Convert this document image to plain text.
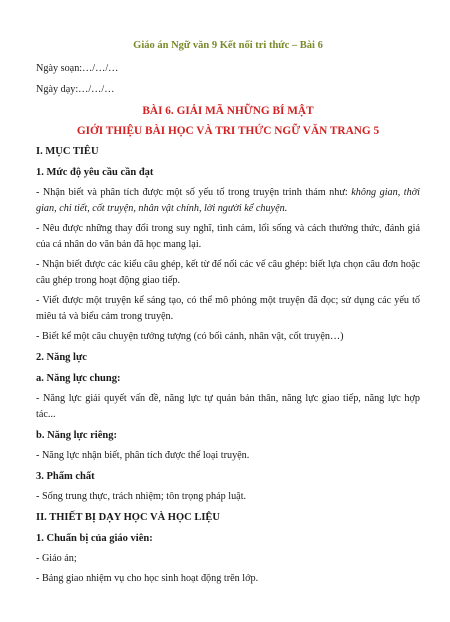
Giáo án Ngữ văn 9 Kết nối tri thức – Bài 6
Ngày soạn:…/…/…
Ngày dạy:…/…/…
BÀI 6. GIẢI MÃ NHỮNG BÍ MẬT
GIỚI THIỆU BÀI HỌC VÀ TRI THỨC NGỮ VĂN TRANG 5
I. MỤC TIÊU
1. Mức độ yêu cầu cần đạt
- Nhận biết và phân tích được một số yếu tố trong truyện trinh thám như: không gian, thời gian, chi tiết, cốt truyện, nhân vật chính, lời người kể chuyện.
- Nêu được những thay đổi trong suy nghĩ, tình cảm, lối sống và cách thưởng thức, đánh giá của cá nhân do văn bản đã học mang lại.
- Nhận biết được các kiểu câu ghép, kết từ để nối các vế câu ghép: biết lựa chọn câu đơn hoặc câu ghép trong hoạt động giao tiếp.
- Viết được một truyện kể sáng tạo, có thể mô phỏng một truyện đã đọc; sử dụng các yếu tố miêu tả và biểu cảm trong truyện.
- Biết kể một câu chuyện tưởng tượng (có bối cảnh, nhân vật, cốt truyện…)
2. Năng lực
a. Năng lực chung:
- Năng lực giải quyết vấn đề, năng lực tự quản bản thân, năng lực giao tiếp, năng lực hợp tác...
b. Năng lực riêng:
- Năng lực nhận biết, phân tích được thể loại truyện.
3. Phẩm chất
- Sống trung thực, trách nhiệm; tôn trọng pháp luật.
II. THIẾT BỊ DẠY HỌC VÀ HỌC LIỆU
1. Chuẩn bị của giáo viên:
- Giáo án;
- Bảng giao nhiệm vụ cho học sinh hoạt động trên lớp.
